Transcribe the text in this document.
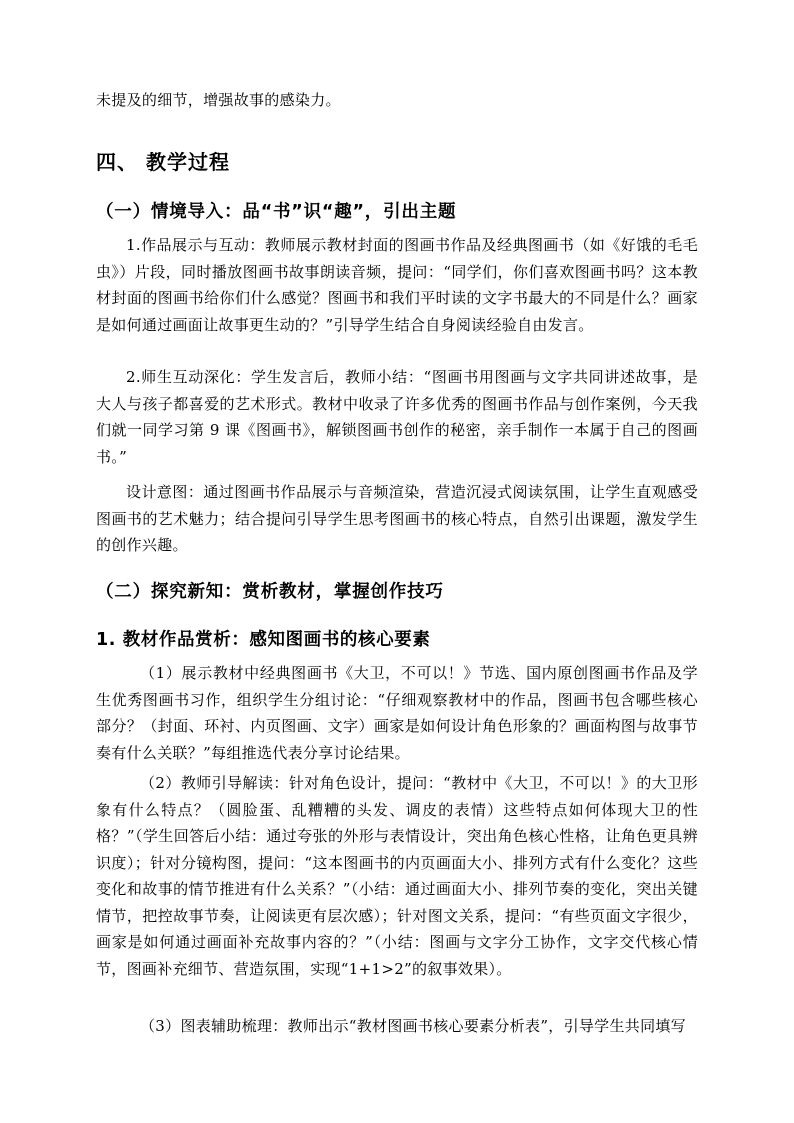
未提及的细节，增强故事的感染力。

四、 教学过程
（一）情境导入：品“书”识“趣”，引出主题

1.作品展示与互动：教师展示教材封面的图画书作品及经典图画书（如《好饿的毛毛虫》）片段，同时播放图画书故事朗读音频，提问：“同学们，你们喜欢图画书吗？这本教材封面的图画书给你们什么感觉？图画书和我们平时读的文字书最大的不同是什么？画家是如何通过画面让故事更生动的？”引导学生结合自身阅读经验自由发言。

2.师生互动深化：学生发言后，教师小结：“图画书用图画与文字共同讲述故事，是大人与孩子都喜爱的艺术形式。教材中收录了许多优秀的图画书作品与创作案例，今天我们就一同学习第 9 课《图画书》，解锁图画书创作的秘密，亲手制作一本属于自己的图画书。”

设计意图：通过图画书作品展示与音频渲染，营造沉浸式阅读氛围，让学生直观感受图画书的艺术魅力；结合提问引导学生思考图画书的核心特点，自然引出课题，激发学生的创作兴趣。

（二）探究新知：赏析教材，掌握创作技巧
1. 教材作品赏析：感知图画书的核心要素

（1）展示教材中经典图画书《大卫，不可以！》节选、国内原创图画书作品及学生优秀图画书习作，组织学生分组讨论：“仔细观察教材中的作品，图画书包含哪些核心部分？（封面、环衬、内页图画、文字）画家是如何设计角色形象的？画面构图与故事节奏有什么关联？”每组推选代表分享讨论结果。

（2）教师引导解读：针对角色设计，提问：“教材中《大卫，不可以！》的大卫形象有什么特点？（圆脸蛋、乱糟糟的头发、调皮的表情）这些特点如何体现大卫的性格？”（学生回答后小结：通过夸张的外形与表情设计，突出角色核心性格，让角色更具辨识度）；针对分镜构图，提问：“这本图画书的内页画面大小、排列方式有什么变化？这些变化和故事的情节推进有什么关系？”（小结：通过画面大小、排列节奏的变化，突出关键情节，把控故事节奏，让阅读更有层次感）；针对图文关系，提问：“有些页面文字很少，画家是如何通过画面补充故事内容的？”（小结：图画与文字分工协作，文字交代核心情节，图画补充细节、营造氛围，实现“1+1>2”的叙事效果）。

（3）图表辅助梳理：教师出示“教材图画书核心要素分析表”，引导学生共同填写
